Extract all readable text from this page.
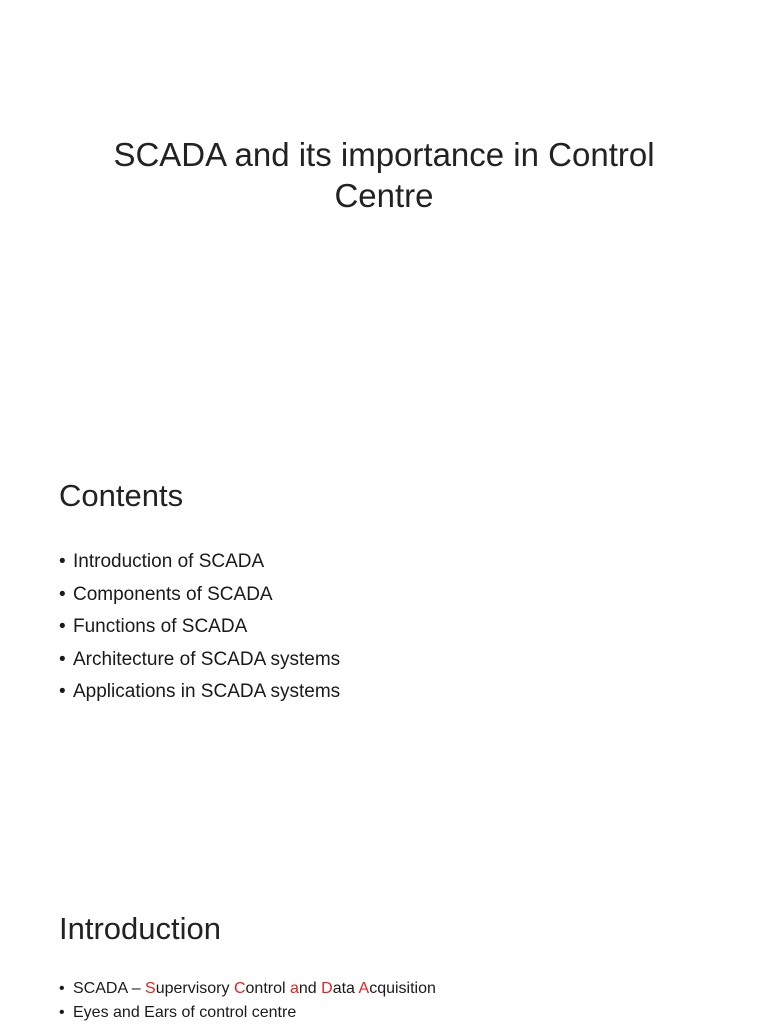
SCADA and its importance in Control
Centre
Contents
• Introduction of SCADA
• Components of SCADA
• Functions of SCADA
• Architecture of SCADA systems
• Applications in SCADA systems
Introduction
• SCADA – Supervisory Control and Data Acquisition
• Eyes and Ears of control centre
